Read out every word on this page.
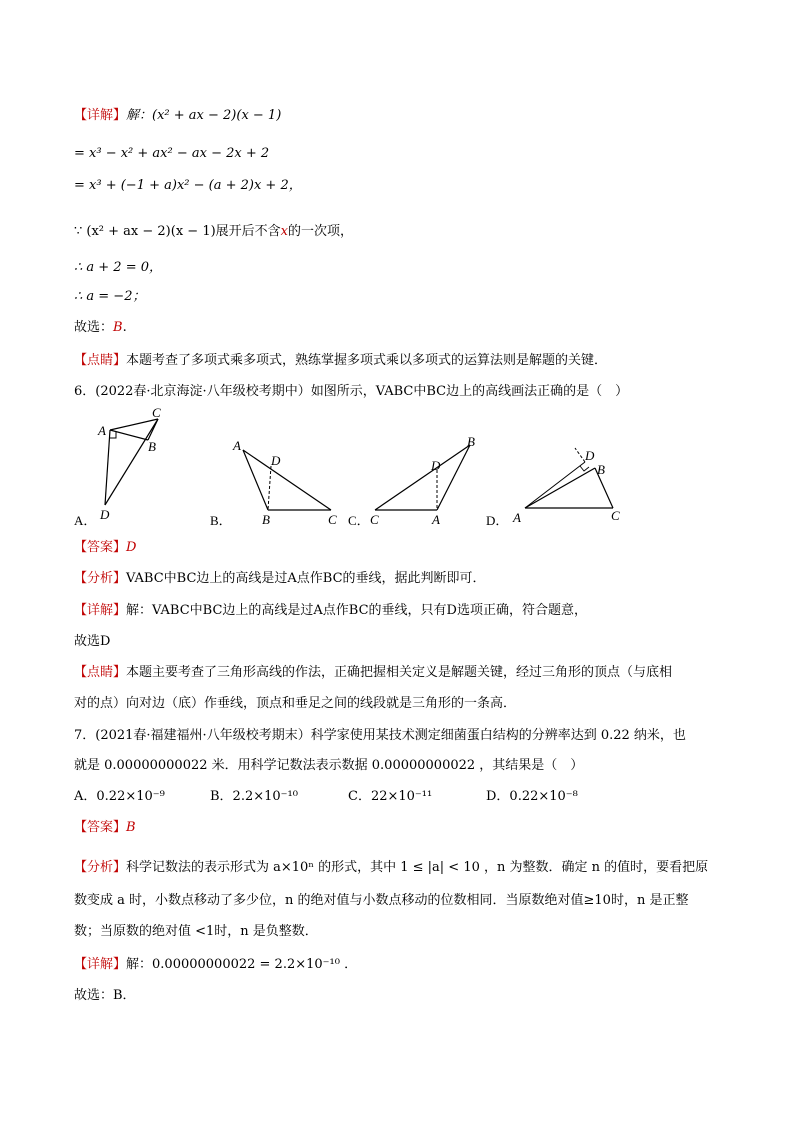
【详解】解：(x² + ax − 2)(x − 1)
= x³ − x² + ax² − ax − 2x + 2
= x³ + (−1 + a)x² − (a + 2)x + 2，
∵ (x² + ax − 2)(x − 1)展开后不含x的一次项，
∴ a + 2 = 0，
∴ a = −2；
故选：B.
【点睛】本题考查了多项式乘多项式，熟练掌握多项式乘以多项式的运算法则是解题的关键．
6．(2022春·北京海淀·八年级校考期中）如图所示，VABC中BC边上的高线画法正确的是（　）
A
C
B
D
A．
A
D
B	C
B．
D
B
C	A
C．
D
B
A	C
D．
【答案】D
【分析】VABC中BC边上的高线是过A点作BC的垂线，据此判断即可．
【详解】解：VABC中BC边上的高线是过A点作BC的垂线，只有D选项正确，符合题意，
故选D
【点睛】本题主要考查了三角形高线的作法，正确把握相关定义是解题关键，经过三角形的顶点（与底相
对的点）向对边（底）作垂线，顶点和垂足之间的线段就是三角形的一条高．
7．(2021春·福建福州·八年级校考期末）科学家使用某技术测定细菌蛋白结构的分辨率达到 0.22 纳米，也
就是 0.00000000022 米．用科学记数法表示数据 0.00000000022 ，其结果是（　）
A．0.22×10⁻⁹	B．2.2×10⁻¹⁰	C．22×10⁻¹¹	D．0.22×10⁻⁸
【答案】B
【分析】科学记数法的表示形式为 a×10ⁿ 的形式，其中 1 ≤ |a| < 10 ，n 为整数．确定 n 的值时，要看把原
数变成 a 时，小数点移动了多少位，n 的绝对值与小数点移动的位数相同．当原数绝对值≥10时，n 是正整
数；当原数的绝对值 <1时，n 是负整数．
【详解】解：0.00000000022 = 2.2×10⁻¹⁰ ．
故选：B．
